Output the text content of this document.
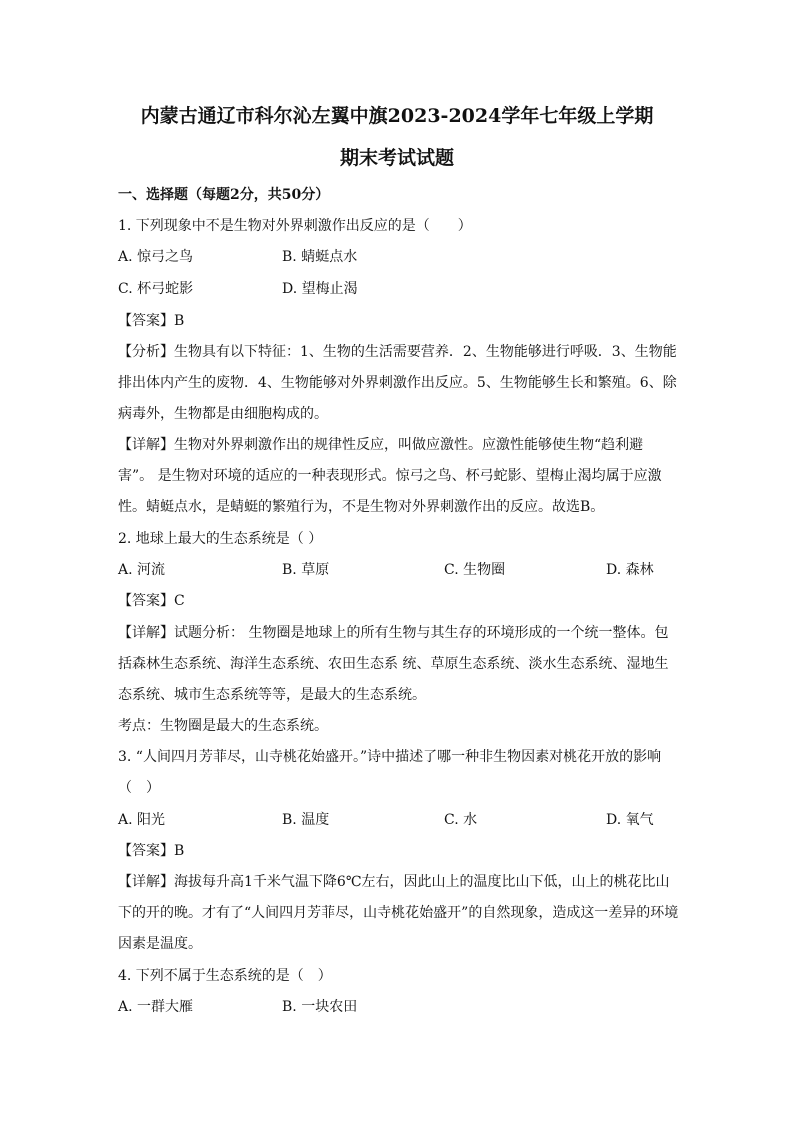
内蒙古通辽市科尔沁左翼中旗2023-2024学年七年级上学期
期末考试试题
一、选择题（每题2分，共50分）
1. 下列现象中不是生物对外界刺激作出反应的是（　　）
A. 惊弓之鸟	B. 蜻蜓点水
C. 杯弓蛇影	D. 望梅止渴
【答案】B
【分析】生物具有以下特征：1、生物的生活需要营养．2、生物能够进行呼吸．3、生物能
排出体内产生的废物．4、生物能够对外界刺激作出反应。5、生物能够生长和繁殖。6、除
病毒外，生物都是由细胞构成的。
【详解】生物对外界刺激作出的规律性反应，叫做应激性。应激性能够使生物“趋利避
害”。 是生物对环境的适应的一种表现形式。惊弓之鸟、杯弓蛇影、望梅止渴均属于应激
性。蜻蜓点水，是蜻蜓的繁殖行为，不是生物对外界刺激作出的反应。故选B。
2. 地球上最大的生态系统是（ ）
A. 河流	B. 草原	C. 生物圈	D. 森林
【答案】C
【详解】试题分析： 生物圈是地球上的所有生物与其生存的环境形成的一个统一整体。包
括森林生态系统、海洋生态系统、农田生态系 统、草原生态系统、淡水生态系统、湿地生
态系统、城市生态系统等等，是最大的生态系统。
考点：生物圈是最大的生态系统。
3. “人间四月芳菲尽，山寺桃花始盛开。”诗中描述了哪一种非生物因素对桃花开放的影响
（　）
A. 阳光	B. 温度	C. 水	D. 氧气
【答案】B
【详解】海拔每升高1千米气温下降6℃左右，因此山上的温度比山下低，山上的桃花比山
下的开的晚。才有了“人间四月芳菲尽，山寺桃花始盛开”的自然现象，造成这一差异的环境
因素是温度。
4. 下列不属于生态系统的是（　）
A. 一群大雁	B. 一块农田
